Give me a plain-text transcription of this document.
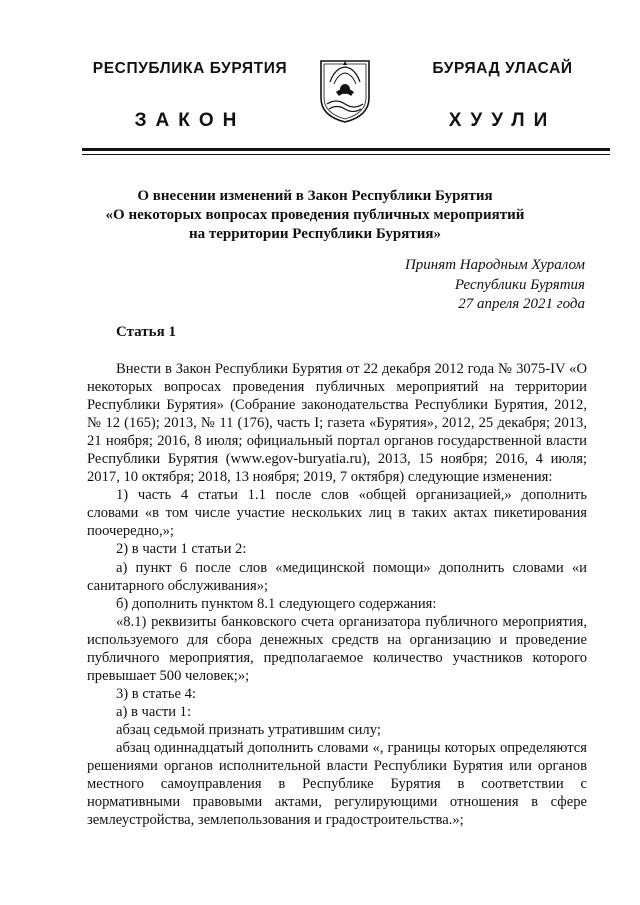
РЕСПУБЛИКА БУРЯТИЯ
ЗАКОН
БУРЯАД УЛАСАЙ
ХУУЛИ
О внесении изменений в Закон Республики Бурятия
«О некоторых вопросах проведения публичных мероприятий
на территории Республики Бурятия»
Принят Народным Хуралом
Республики Бурятия
27 апреля 2021 года
Статья 1

Внести в Закон Республики Бурятия от 22 декабря 2012 года № 3075-IV «О некоторых вопросах проведения публичных мероприятий на территории Республики Бурятия» (Собрание законодательства Республики Бурятия, 2012, № 12 (165); 2013, № 11 (176), часть I; газета «Бурятия», 2012, 25 декабря; 2013, 21 ноября; 2016, 8 июля; официальный портал органов государственной власти Республики Бурятия (www.egov-buryatia.ru), 2013, 15 ноября; 2016, 4 июля; 2017, 10 октября; 2018, 13 ноября; 2019, 7 октября) следующие изменения:

1) часть 4 статьи 1.1 после слов «общей организацией,» дополнить словами «в том числе участие нескольких лиц в таких актах пикетирования поочередно,»;

2) в части 1 статьи 2:

а) пункт 6 после слов «медицинской помощи» дополнить словами «и санитарного обслуживания»;

б) дополнить пунктом 8.1 следующего содержания:

«8.1) реквизиты банковского счета организатора публичного мероприятия, используемого для сбора денежных средств на организацию и проведение публичного мероприятия, предполагаемое количество участников которого превышает 500 человек;»;

3) в статье 4:

а) в части 1:

абзац седьмой признать утратившим силу;

абзац одиннадцатый дополнить словами «, границы которых определяются решениями органов исполнительной власти Республики Бурятия или органов местного самоуправления в Республике Бурятия в соответствии с нормативными правовыми актами, регулирующими отношения в сфере землеустройства, землепользования и градостроительства.»;
